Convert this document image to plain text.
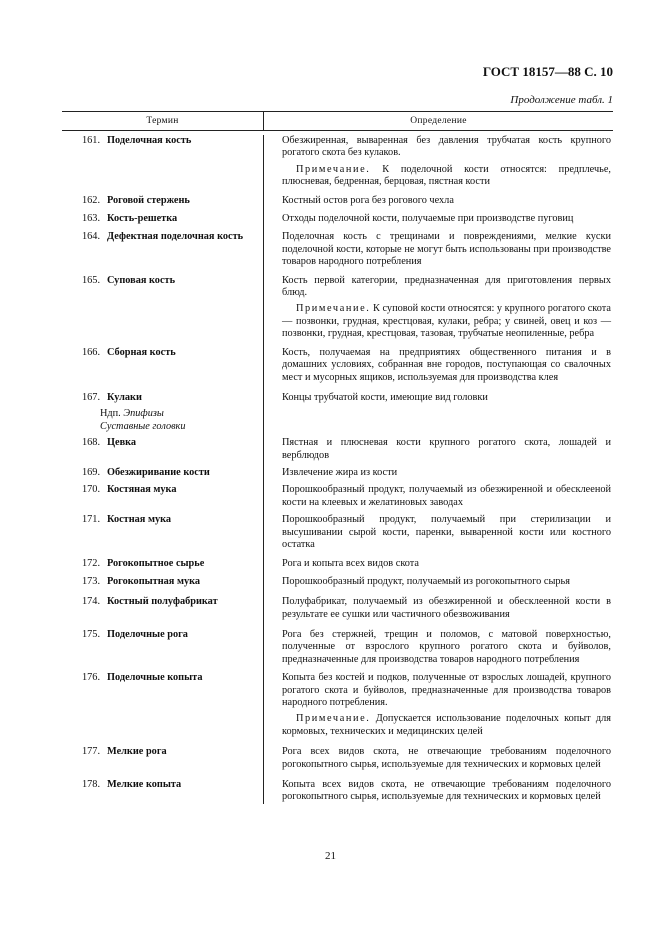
ГОСТ 18157—88 С. 10
Продолжение табл. 1
Термин	Определение
161. Поделочная кость	Обезжиренная, вываренная без давления трубчатая кость крупного рогатого скота без кулаков.
Примечание. К поделочной кости относятся: предплечье, плюсневая, бедренная, берцовая, пястная кости
162. Роговой стержень	Костный остов рога без рогового чехла
163. Кость-решетка	Отходы поделочной кости, получаемые при производстве пуговиц
164. Дефектная поделочная кость	Поделочная кость с трещинами и повреждениями, мелкие куски поделочной кости, которые не могут быть использованы при производстве товаров народного потребления
165. Суповая кость	Кость первой категории, предназначенная для приготовления первых блюд.
Примечание. К суповой кости относятся: у крупного рогатого скота — позвонки, грудная, крестцовая, кулаки, ребра; у свиней, овец и коз — позвонки, грудная, крестцовая, тазовая, трубчатые неопиленные, ребра
166. Сборная кость	Кость, получаемая на предприятиях общественного питания и в домашних условиях, собранная вне городов, поступающая со свалочных мест и мусорных ящиков, используемая для производства клея
167. Кулаки	Концы трубчатой кости, имеющие вид головки
Ндп. Эпифизы
Суставные головки
168. Цевка	Пястная и плюсневая кости крупного рогатого скота, лошадей и верблюдов
169. Обезжиривание кости	Извлечение жира из кости
170. Костяная мука	Порошкообразный продукт, получаемый из обезжиренной и обесклееной кости на клеевых и желатиновых заводах
171. Костная мука	Порошкообразный продукт, получаемый при стерилизации и высушивании сырой кости, паренки, вываренной кости или костного остатка
172. Рогокопытное сырье	Рога и копыта всех видов скота
173. Рогокопытная мука	Порошкообразный продукт, получаемый из рогокопытного сырья
174. Костный полуфабрикат	Полуфабрикат, получаемый из обезжиренной и обесклеенной кости в результате ее сушки или частичного обезвоживания
175. Поделочные рога	Рога без стержней, трещин и поломов, с матовой поверхностью, полученные от взрослого крупного рогатого скота и буйволов, предназначенные для производства товаров народного потребления
176. Поделочные копыта	Копыта без костей и подков, полученные от взрослых лошадей, крупного рогатого скота и буйволов, предназначенные для производства товаров народного потребления.
Примечание. Допускается использование поделочных копыт для кормовых, технических и медицинских целей
177. Мелкие рога	Рога всех видов скота, не отвечающие требованиям поделочного рогокопытного сырья, используемые для технических и кормовых целей
178. Мелкие копыта	Копыта всех видов скота, не отвечающие требованиям поделочного рогокопытного сырья, используемые для технических и кормовых целей
21
